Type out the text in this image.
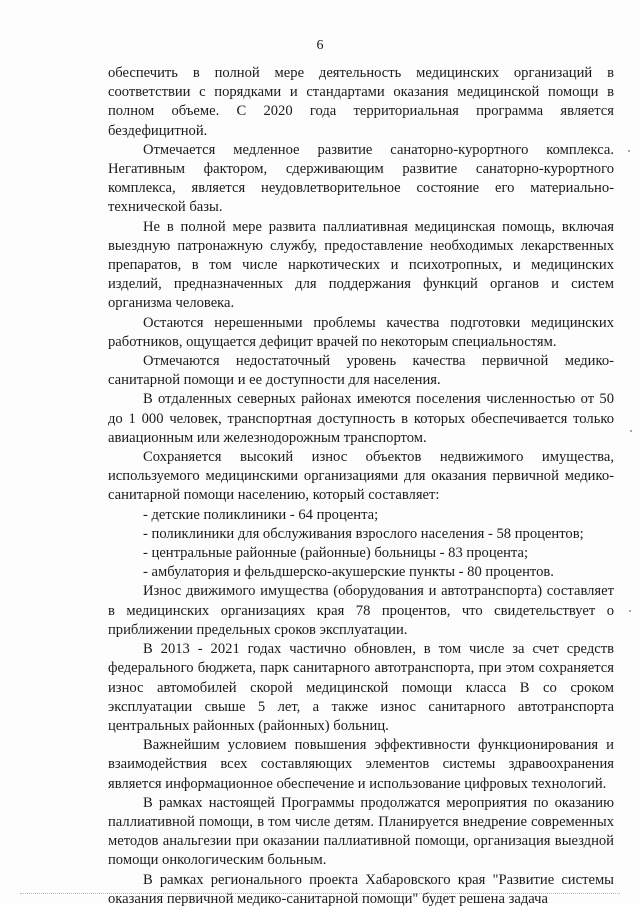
6

обеспечить в полной мере деятельность медицинских организаций в соответствии с порядками и стандартами оказания медицинской помощи в полном объеме. С 2020 года территориальная программа является бездефицитной.

Отмечается медленное развитие санаторно-курортного комплекса. Негативным фактором, сдерживающим развитие санаторно-курортного комплекса, является неудовлетворительное состояние его материально-технической базы.

Не в полной мере развита паллиативная медицинская помощь, включая выездную патронажную службу, предоставление необходимых лекарственных препаратов, в том числе наркотических и психотропных, и медицинских изделий, предназначенных для поддержания функций органов и систем организма человека.

Остаются нерешенными проблемы качества подготовки медицинских работников, ощущается дефицит врачей по некоторым специальностям.

Отмечаются недостаточный уровень качества первичной медико-санитарной помощи и ее доступности для населения.

В отдаленных северных районах имеются поселения численностью от 50 до 1 000 человек, транспортная доступность в которых обеспечивается только авиационным или железнодорожным транспортом.

Сохраняется высокий износ объектов недвижимого имущества, используемого медицинскими организациями для оказания первичной медико-санитарной помощи населению, который составляет:

- детские поликлиники - 64 процента;

- поликлиники для обслуживания взрослого населения - 58 процентов;

- центральные районные (районные) больницы - 83 процента;

- амбулатория и фельдшерско-акушерские пункты - 80 процентов.

Износ движимого имущества (оборудования и автотранспорта) составляет в медицинских организациях края 78 процентов, что свидетельствует о приближении предельных сроков эксплуатации.

В 2013 - 2021 годах частично обновлен, в том числе за счет средств федерального бюджета, парк санитарного автотранспорта, при этом сохраняется износ автомобилей скорой медицинской помощи класса В со сроком эксплуатации свыше 5 лет, а также износ санитарного автотранспорта центральных районных (районных) больниц.

Важнейшим условием повышения эффективности функционирования и взаимодействия всех составляющих элементов системы здравоохранения является информационное обеспечение и использование цифровых технологий.

В рамках настоящей Программы продолжатся мероприятия по оказанию паллиативной помощи, в том числе детям. Планируется внедрение современных методов анальгезии при оказании паллиативной помощи, организация выездной помощи онкологическим больным.

В рамках регионального проекта Хабаровского края "Развитие системы оказания первичной медико-санитарной помощи" будет решена задача
